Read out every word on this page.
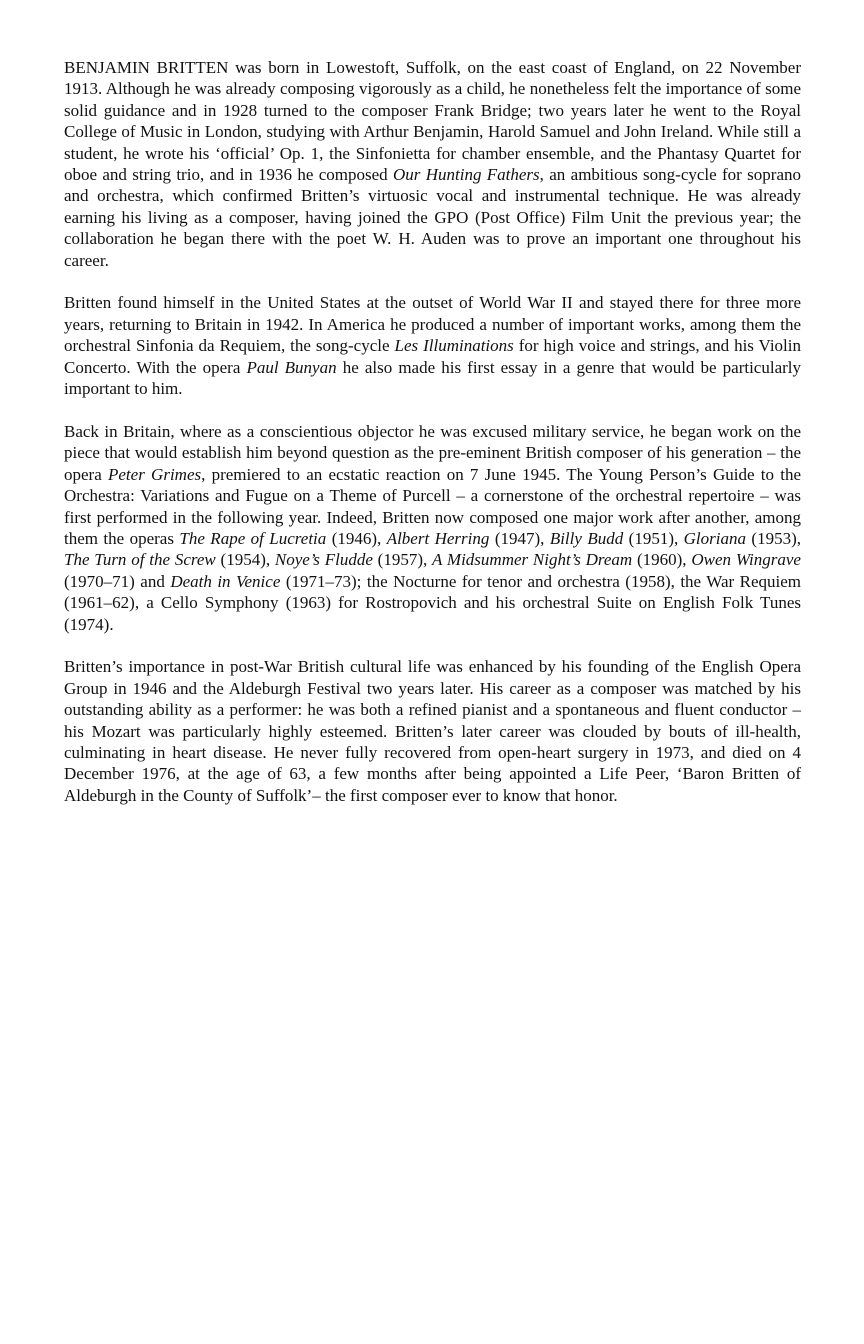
BENJAMIN BRITTEN was born in Lowestoft, Suffolk, on the east coast of England, on 22 November 1913. Although he was already composing vigorously as a child, he nonetheless felt the importance of some solid guidance and in 1928 turned to the composer Frank Bridge; two years later he went to the Royal College of Music in London, studying with Arthur Benjamin, Harold Samuel and John Ireland. While still a student, he wrote his ‘official’ Op. 1, the Sinfonietta for chamber ensemble, and the Phantasy Quartet for oboe and string trio, and in 1936 he composed Our Hunting Fathers, an ambitious song-cycle for soprano and orchestra, which confirmed Britten’s virtuosic vocal and instrumental technique. He was already earning his living as a composer, having joined the GPO (Post Office) Film Unit the previous year; the collaboration he began there with the poet W. H. Auden was to prove an important one throughout his career.

Britten found himself in the United States at the outset of World War II and stayed there for three more years, returning to Britain in 1942. In America he produced a number of important works, among them the orchestral Sinfonia da Requiem, the song-cycle Les Illuminations for high voice and strings, and his Violin Concerto. With the opera Paul Bunyan he also made his first essay in a genre that would be particularly important to him.

Back in Britain, where as a conscientious objector he was excused military service, he began work on the piece that would establish him beyond question as the pre-eminent British composer of his generation – the opera Peter Grimes, premiered to an ecstatic reaction on 7 June 1945. The Young Person’s Guide to the Orchestra: Variations and Fugue on a Theme of Purcell – a cornerstone of the orchestral repertoire – was first performed in the following year. Indeed, Britten now composed one major work after another, among them the operas The Rape of Lucretia (1946), Albert Herring (1947), Billy Budd (1951), Gloriana (1953), The Turn of the Screw (1954), Noye’s Fludde (1957), A Midsummer Night’s Dream (1960), Owen Wingrave (1970–71) and Death in Venice (1971–73); the Nocturne for tenor and orchestra (1958), the War Requiem (1961–62), a Cello Symphony (1963) for Rostropovich and his orchestral Suite on English Folk Tunes (1974).

Britten’s importance in post-War British cultural life was enhanced by his founding of the English Opera Group in 1946 and the Aldeburgh Festival two years later. His career as a composer was matched by his outstanding ability as a performer: he was both a refined pianist and a spontaneous and fluent conductor – his Mozart was particularly highly esteemed. Britten’s later career was clouded by bouts of ill-health, culminating in heart disease. He never fully recovered from open-heart surgery in 1973, and died on 4 December 1976, at the age of 63, a few months after being appointed a Life Peer, ‘Baron Britten of Aldeburgh in the County of Suffolk’– the first composer ever to know that honor.
